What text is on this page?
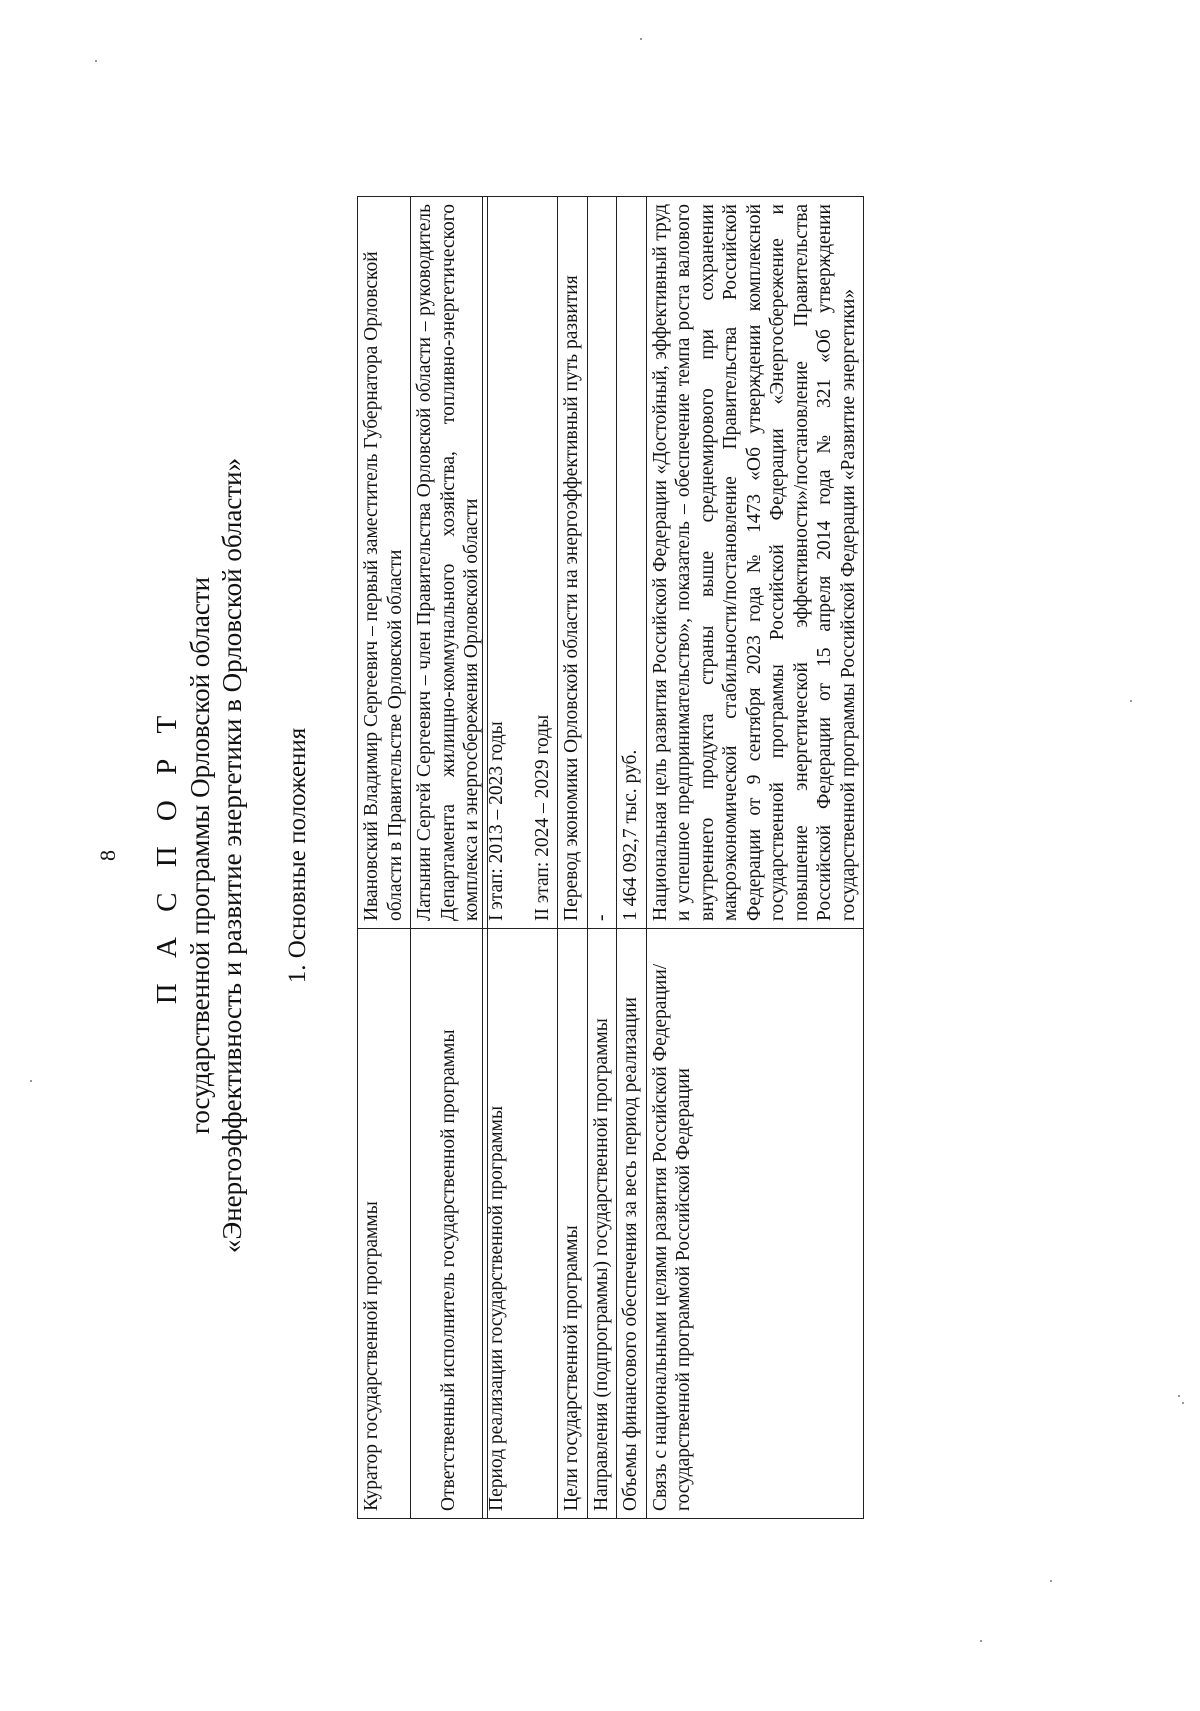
8 П А С П О Р Т государственной программы Орловской области «Энергоэффективность и развитие энергетики в Орловской области» 1. Основные положения
Куратор государственной программы	Ивановский Владимир Сергеевич – первый заместитель Губернатора Орловской области в Правительстве Орловской области
Ответственный исполнитель государственной программы	Латынин Сергей Сергеевич – член Правительства Орловской области – руководитель Департамента жилищно-коммунального хозяйства, топливно-энергетического комплекса и энергосбережения Орловской области
Период реализации государственной программы	I этап: 2013 – 2023 годы II этап: 2024 – 2029 годы

Цели государственной программы	Перевод экономики Орловской области на энергоэффективный путь развития
Направления (подпрограммы) государственной программы	-
Объемы финансового обеспечения за весь период реализации	1 464 092,7 тыс. руб.
Связь с национальными целями развития Российской Федерации/ государственной программой Российской Федерации	Национальная цель развития Российской Федерации «Достойный, эффективный труд и успешное предпринимательство», показатель – обеспечение темпа роста валового внутреннего продукта страны выше среднемирового при сохранении макроэкономической стабильности/постановление Правительства Российской Федерации от 9 сентября 2023 года № 1473 «Об утверждении комплексной государственной программы Российской Федерации «Энергосбережение и повышение энергетической эффективности»/постановление Правительства Российской Федерации от 15 апреля 2014 года № 321 «Об утверждении государственной программы Российской Федерации «Развитие энергетики»
